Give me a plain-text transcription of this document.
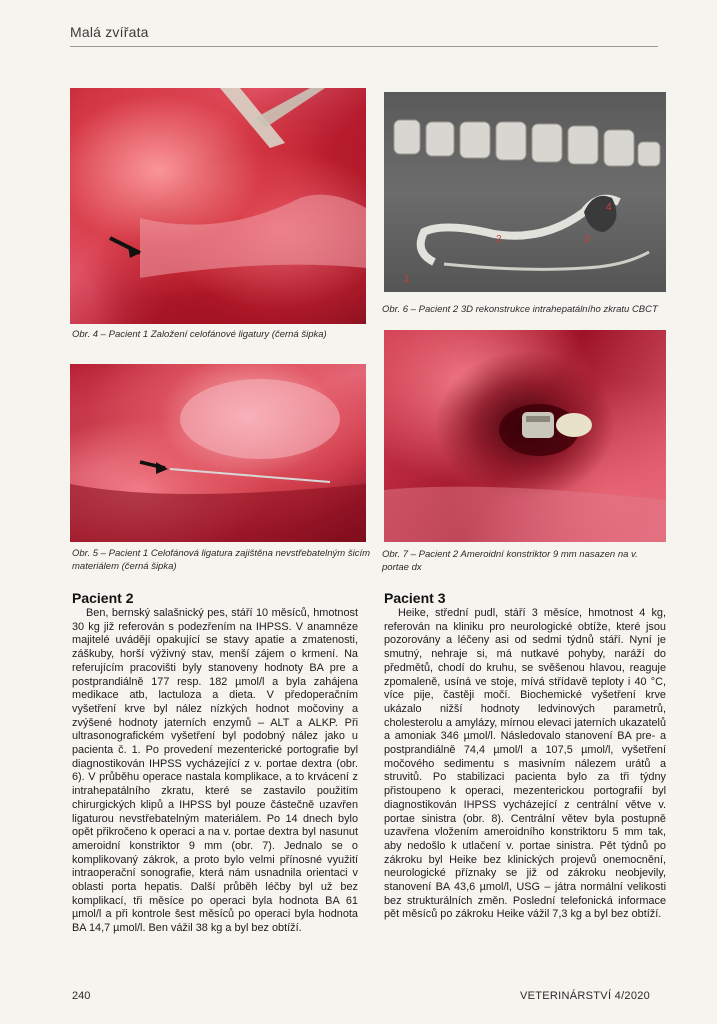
Malá zvířata
Obr. 4 – Pacient 1 Založení celofánové ligatury (černá šipka)
Obr. 5 – Pacient 1 Celofánová ligatura zajištěna nevstřebatelným šicím materiálem (černá šipka)
1
2	3
4
Obr. 6 – Pacient 2 3D rekonstrukce intrahepatálního zkratu CBCT
Obr. 7 – Pacient 2 Ameroidní konstriktor 9 mm nasazen na v. portae dx
Pacient 2

Ben, bernský salašnický pes, stáří 10 měsíců, hmotnost 30 kg již referován s podezřením na IHPSS. V anamnéze majitelé uvádějí opakující se stavy apatie a zmatenosti, záškuby, horší výživný stav, menší zájem o krmení. Na referujícím pracovišti byly stanoveny hodnoty BA pre a postprandiálně 177 resp. 182 µmol/l a byla zahájena medikace atb, lactuloza a dieta. V předoperačním vyšetření krve byl nález nízkých hodnot močoviny a zvýšené hodnoty jaterních enzymů – ALT a ALKP. Při ultrasonografickém vyšetření byl podobný nález jako u pacienta č. 1. Po provedení mezenterické portografie byl diagnostikován IHPSS vycházející z v. portae dextra (obr. 6). V průběhu operace nastala komplikace, a to krvácení z intrahepatálního zkratu, které se zastavilo použitím chirurgických klipů a IHPSS byl pouze částečně uzavřen ligaturou nevstřebatelným materiálem. Po 14 dnech bylo opět přikročeno k operaci a na v. portae dextra byl nasunut ameroidní konstriktor 9 mm (obr. 7). Jednalo se o komplikovaný zákrok, a proto bylo velmi přínosné využití intraoperační sonografie, která nám usnadnila orientaci v oblasti porta hepatis. Další průběh léčby byl už bez komplikací, tři měsíce po operaci byla hodnota BA 61 µmol/l a při kontrole šest měsíců po operaci byla hodnota BA 14,7 µmol/l. Ben vážil 38 kg a byl bez obtíží.

Pacient 3

Heike, střední pudl, stáří 3 měsíce, hmotnost 4 kg, referován na kliniku pro neurologické obtíže, které jsou pozorovány a léčeny asi od sedmi týdnů stáří. Nyní je smutný, nehraje si, má nutkavé pohyby, naráží do předmětů, chodí do kruhu, se svěšenou hlavou, reaguje zpomaleně, usíná ve stoje, mívá střídavě teploty i 40 °C, více pije, častěji močí. Biochemické vyšetření krve ukázalo nižší hodnoty ledvinových parametrů, cholesterolu a amylázy, mírnou elevaci jaterních ukazatelů a amoniak 346 µmol/l. Následovalo stanovení BA pre- a postprandiálně 74,4 µmol/l a 107,5 µmol/l, vyšetření močového sedimentu s masivním nálezem urátů a struvitů. Po stabilizaci pacienta bylo za tři týdny přistoupeno k operaci, mezenterickou portografií byl diagnostikován IHPSS vycházející z centrální větve v. portae sinistra (obr. 8). Centrální větev byla postupně uzavřena vložením ameroidního konstriktoru 5 mm tak, aby nedošlo k utlačení v. portae sinistra. Pět týdnů po zákroku byl Heike bez klinických projevů onemocnění, neurologické příznaky se již od zákroku neobjevily, stanovení BA 43,6 µmol/l, USG – játra normální velikosti bez strukturálních změn. Poslední telefonická informace pět měsíců po zákroku Heike vážil 7,3 kg a byl bez obtíží.

240	VETERINÁRSTVÍ 4/2020
